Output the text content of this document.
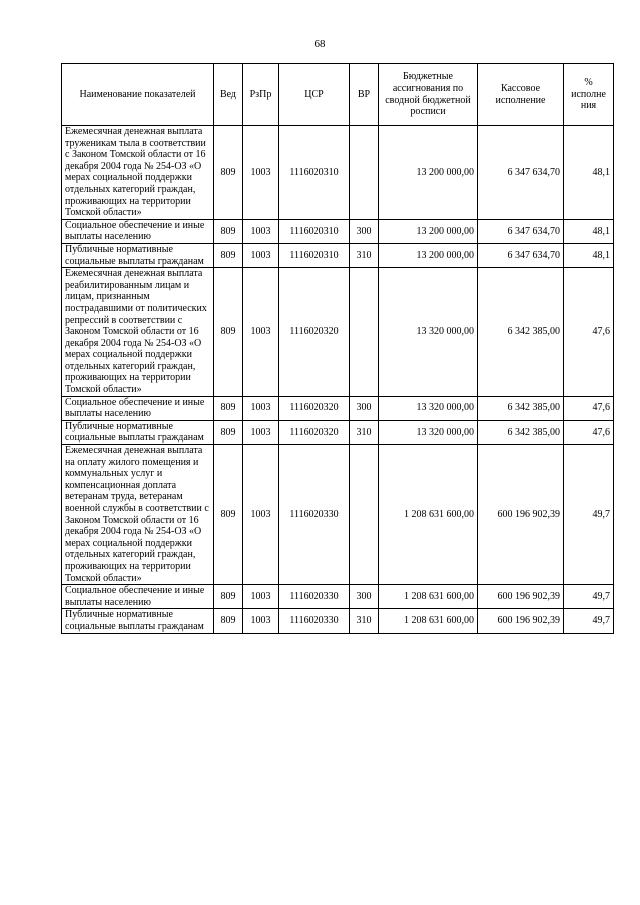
68
Наименование показателей	Вед	РзПр	ЦСР	ВР	Бюджетные ассигнования по сводной бюджетной росписи	Кассовое исполнение	% исполне ния
Ежемесячная денежная выплата труженикам тыла в соответствии с Законом Томской области от 16 декабря 2004 года № 254-ОЗ «О мерах социальной поддержки отдельных категорий граждан, проживающих на территории Томской области»	809	1003	1116020310		13 200 000,00	6 347 634,70	48,1
Социальное обеспечение и иные выплаты населению	809	1003	1116020310	300	13 200 000,00	6 347 634,70	48,1
Публичные нормативные социальные выплаты гражданам	809	1003	1116020310	310	13 200 000,00	6 347 634,70	48,1
Ежемесячная денежная выплата реабилитированным лицам и лицам, признанным пострадавшими от политических репрессий в соответствии с Законом Томской области от 16 декабря 2004 года № 254-ОЗ «О мерах социальной поддержки отдельных категорий граждан, проживающих на территории Томской области»	809	1003	1116020320		13 320 000,00	6 342 385,00	47,6
Социальное обеспечение и иные выплаты населению	809	1003	1116020320	300	13 320 000,00	6 342 385,00	47,6
Публичные нормативные социальные выплаты гражданам	809	1003	1116020320	310	13 320 000,00	6 342 385,00	47,6
Ежемесячная денежная выплата на оплату жилого помещения и коммунальных услуг и компенсационная доплата ветеранам труда, ветеранам военной службы в соответствии с Законом Томской области от 16 декабря 2004 года № 254-ОЗ «О мерах социальной поддержки отдельных категорий граждан, проживающих на территории Томской области»	809	1003	1116020330		1 208 631 600,00	600 196 902,39	49,7
Социальное обеспечение и иные выплаты населению	809	1003	1116020330	300	1 208 631 600,00	600 196 902,39	49,7
Публичные нормативные социальные выплаты гражданам	809	1003	1116020330	310	1 208 631 600,00	600 196 902,39	49,7
